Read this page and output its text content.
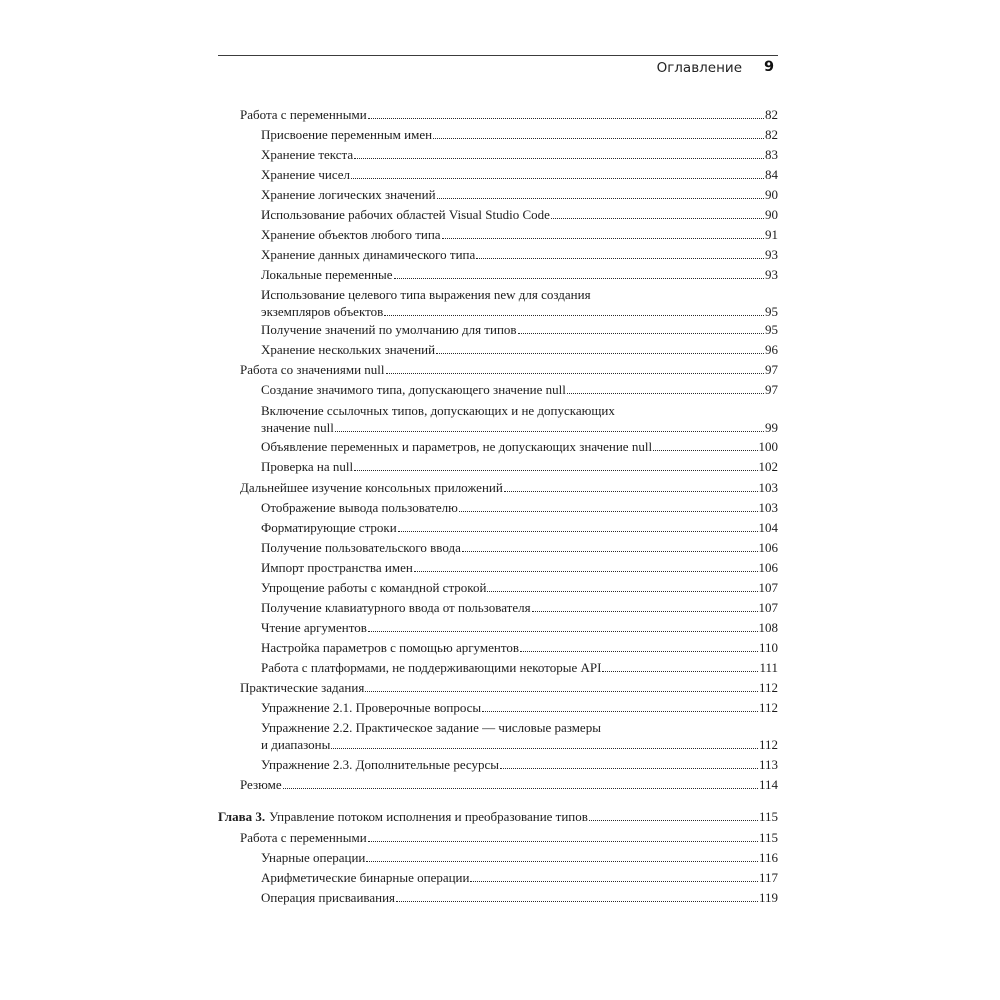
Оглавление 9
Работа с переменными	82
Присвоение переменным имен	82
Хранение текста	83
Хранение чисел	84
Хранение логических значений	90
Использование рабочих областей Visual Studio Code	90
Хранение объектов любого типа	91
Хранение данных динамического типа	93
Локальные переменные	93
Использование целевого типа выражения new для создания
экземпляров объектов	95
Получение значений по умолчанию для типов	95
Хранение нескольких значений	96
Работа со значениями null	97
Создание значимого типа, допускающего значение null	97
Включение ссылочных типов, допускающих и не допускающих
значение null	99
Объявление переменных и параметров, не допускающих значение null	100
Проверка на null	102
Дальнейшее изучение консольных приложений	103
Отображение вывода пользователю	103
Форматирующие строки	104
Получение пользовательского ввода	106
Импорт пространства имен	106
Упрощение работы с командной строкой	107
Получение клавиатурного ввода от пользователя	107
Чтение аргументов	108
Настройка параметров с помощью аргументов	110
Работа с платформами, не поддерживающими некоторые API	111
Практические задания	112
Упражнение 2.1. Проверочные вопросы	112
Упражнение 2.2. Практическое задание — числовые размеры
и диапазоны	112
Упражнение 2.3. Дополнительные ресурсы	113
Резюме	114
Глава 3. Управление потоком исполнения и преобразование типов	115
Работа с переменными	115
Унарные операции	116
Арифметические бинарные операции	117
Операция присваивания	119
